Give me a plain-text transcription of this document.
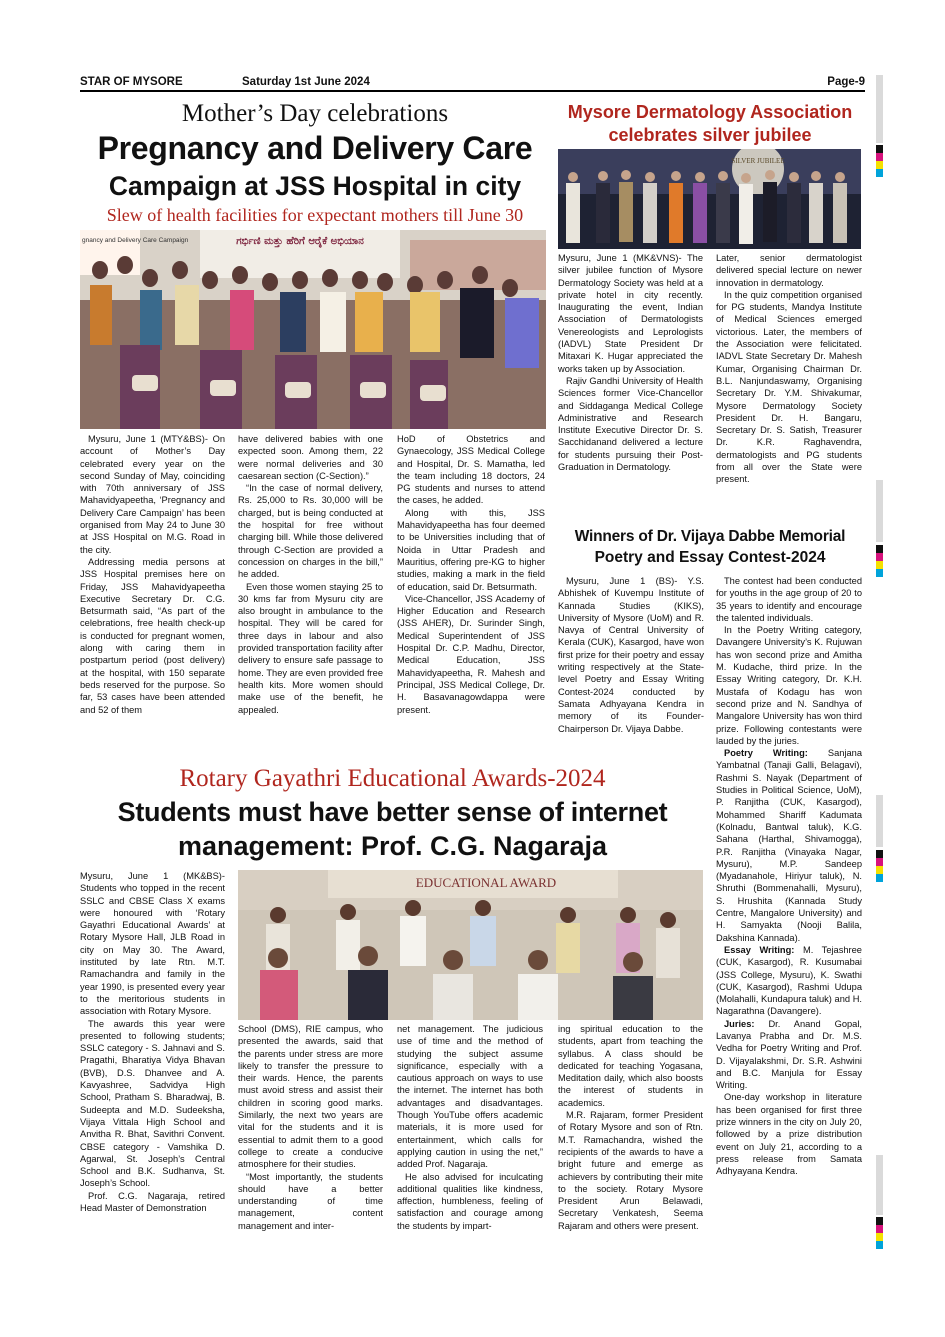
STAR OF MYSORE	Saturday 1st June 2024	Page-9
Mother’s Day celebrations
Pregnancy and Delivery Care
Campaign at JSS Hospital in city
Slew of health facilities for expectant mothers till June 30
ಗರ್ಭಿಣಿ ಮತ್ತು ಹೆರಿಗೆ ಆರೈಕೆ ಅಭಿಯಾನ
gnancy and Delivery Care Campaign

Mysuru, June 1 (MTY&BS)- On account of Mother’s Day celebrated every year on the second Sunday of May, coinciding with 70th anniversary of JSS Mahavidyapeetha, ‘Pregnancy and Delivery Care Campaign’ has been organised from May 24 to June 30 at JSS Hospital on M.G. Road in the city.

Addressing media persons at JSS Hospital premises here on Friday, JSS Mahavidyapeetha Executive Secretary Dr. C.G. Betsurmath said, “As part of the celebrations, free health check-up is conducted for pregnant women, along with caring them in postpartum period (post delivery) at the hospital, with 150 separate beds reserved for the purpose. So far, 53 cases have been attended and 52 of them

have delivered babies with one expected soon. Among them, 22 were normal deliveries and 30 caesarean section (C-Section).”

“In the case of normal delivery, Rs. 25,000 to Rs. 30,000 will be charged, but is being conducted at the hospital for free without charging bill. While those delivered through C-Section are provided a concession on charges in the bill,” he added.

Even those women staying 25 to 30 kms far from Mysuru city are also brought in ambulance to the hospital. They will be cared for three days in labour and also provided transportation facility after delivery to ensure safe passage to home. They are even provided free health kits. More women should make use of the benefit, he appealed.

HoD of Obstetrics and Gynaecology, JSS Medical College and Hospital, Dr. S. Mamatha, led the team including 18 doctors, 24 PG students and nurses to attend the cases, he added.

Along with this, JSS Mahavidyapeetha has four deemed to be Universities including that of Noida in Uttar Pradesh and Mauritius, offering pre-KG to higher studies, making a mark in the field of education, said Dr. Betsurmath.

Vice-Chancellor, JSS Academy of Higher Education and Research (JSS AHER), Dr. Surinder Singh, Medical Superintendent of JSS Hospital Dr. C.P. Madhu, Director, Medical Education, JSS Mahavidyapeetha, R. Mahesh and Principal, JSS Medical College, Dr. H. Basavanagowdappa were present.

Mysore Dermatology Association
celebrates silver jubilee
SILVER JUBILEE

Mysuru, June 1 (MK&VNS)- The silver jubilee function of Mysore Dermatology Society was held at a private hotel in city recently. Inaugurating the event, Indian Association of Dermatologists Venereologists and Leprologists (IADVL) State President Dr Mitaxari K. Hugar appreciated the works taken up by Association.

Rajiv Gandhi University of Health Sciences former Vice-Chancellor and Siddaganga Medical College Administrative and Research Institute Executive Director Dr. S. Sacchidanand delivered a lecture for students pursuing their Post-Graduation in Dermatology.

Later, senior dermatologist delivered special lecture on newer innovation in dermatology.

In the quiz competition organised for PG students, Mandya Institute of Medical Sciences emerged victorious. Later, the members of the Association were felicitated. IADVL State Secretary Dr. Mahesh Kumar, Organising Chairman Dr. B.L. Nanjundaswamy, Organising Secretary Dr. Y.M. Shivakumar, Mysore Dermatology Society President Dr. H. Bangaru, Secretary Dr. S. Satish, Treasurer Dr. K.R. Raghavendra, dermatologists and PG students from all over the State were present.

Winners of Dr. Vijaya Dabbe Memorial
Poetry and Essay Contest-2024

Mysuru, June 1 (BS)- Y.S. Abhishek of Kuvempu Institute of Kannada Studies (KIKS), University of Mysore (UoM) and R. Navya of Central University of Kerala (CUK), Kasargod, have won first prize for their poetry and essay writing respectively at the State-level Poetry and Essay Writing Contest-2024 conducted by Samata Adhyayana Kendra in memory of its Founder-Chairperson Dr. Vijaya Dabbe.

The contest had been conducted for youths in the age group of 20 to 35 years to identify and encourage the talented individuals.

In the Poetry Writing category, Davangere University’s K. Rujuwan has won second prize and Amitha M. Kudache, third prize. In the Essay Writing category, Dr. K.H. Mustafa of Kodagu has won second prize and N. Sandhya of Mangalore University has won third prize. Following contestants were lauded by the juries.

Poetry Writing: Sanjana Yambatnal (Tanaji Galli, Belagavi), Rashmi S. Nayak (Department of Studies in Political Science, UoM), P. Ranjitha (CUK, Kasargod), Mohammed Shariff Kadumata (Kolnadu, Bantwal taluk), K.G. Sahana (Harthal, Shivamogga), P.R. Ranjitha (Vinayaka Nagar, Mysuru), M.P. Sandeep (Myadanahole, Hiriyur taluk), N. Shruthi (Bommenahalli, Mysuru), S. Hrushita (Kannada Study Centre, Mangalore University) and H. Samyakta (Nooji Balila, Dakshina Kannada).

Essay Writing: M. Tejashree (CUK, Kasargod), R. Kusumabai (JSS College, Mysuru), K. Swathi (CUK, Kasargod), Rashmi Udupa (Molahalli, Kundapura taluk) and H. Nagarathna (Davangere).

Juries: Dr. Anand Gopal, Lavanya Prabha and Dr. M.S. Vedha for Poetry Writing and Prof. D. Vijayalakshmi, Dr. S.R. Ashwini and B.C. Manjula for Essay Writing.

One-day workshop in literature has been organised for first three prize winners in the city on July 20, followed by a prize distribution event on July 21, according to a press release from Samata Adhyayana Kendra.

Rotary Gayathri Educational Awards-2024
Students must have better sense of internet
management: Prof. C.G. Nagaraja

Mysuru, June 1 (MK&BS)- Students who topped in the recent SSLC and CBSE Class X exams were honoured with ‘Rotary Gayathri Educational Awards’ at Rotary Mysore Hall, JLB Road in city on May 30. The Award, instituted by late Rtn. M.T. Ramachandra and family in the year 1990, is presented every year to the meritorious students in association with Rotary Mysore.

The awards this year were presented to following students; SSLC category - S. Jahnavi and S. Pragathi, Bharatiya Vidya Bhavan (BVB), D.S. Dhanvee and A. Kavyashree, Sadvidya High School, Pratham S. Bharadwaj, B. Sudeepta and M.D. Sudeeksha, Vijaya Vittala High School and Anvitha R. Bhat, Savithri Convent. CBSE category - Vamshika D. Agarwal, St. Joseph’s Central School and B.K. Sudhanva, St. Joseph’s School.

Prof. C.G. Nagaraja, retired Head Master of Demonstration

EDUCATIONAL AWARD

School (DMS), RIE campus, who presented the awards, said that the parents under stress are more likely to transfer the pressure to their wards. Hence, the parents must avoid stress and assist their children in scoring good marks. Similarly, the next two years are vital for the students and it is essential to admit them to a good college to create a conducive atmosphere for their studies.

“Most importantly, the students should have a better understanding of time management, content management and inter-

net management. The judicious use of time and the method of studying the subject assume significance, especially with a cautious approach on ways to use the internet. The internet has both advantages and disadvantages. Though YouTube offers academic materials, it is more used for entertainment, which calls for applying caution in using the net,” added Prof. Nagaraja.

He also advised for inculcating additional qualities like kindness, affection, humbleness, feeling of satisfaction and courage among the students by impart-

ing spiritual education to the students, apart from teaching the syllabus. A class should be dedicated for teaching Yogasana, Meditation daily, which also boosts the interest of students in academics.

M.R. Rajaram, former President of Rotary Mysore and son of Rtn. M.T. Ramachandra, wished the recipients of the awards to have a bright future and emerge as achievers by contributing their mite to the society. Rotary Mysore President Arun Belawadi, Secretary Venkatesh, Seema Rajaram and others were present.
